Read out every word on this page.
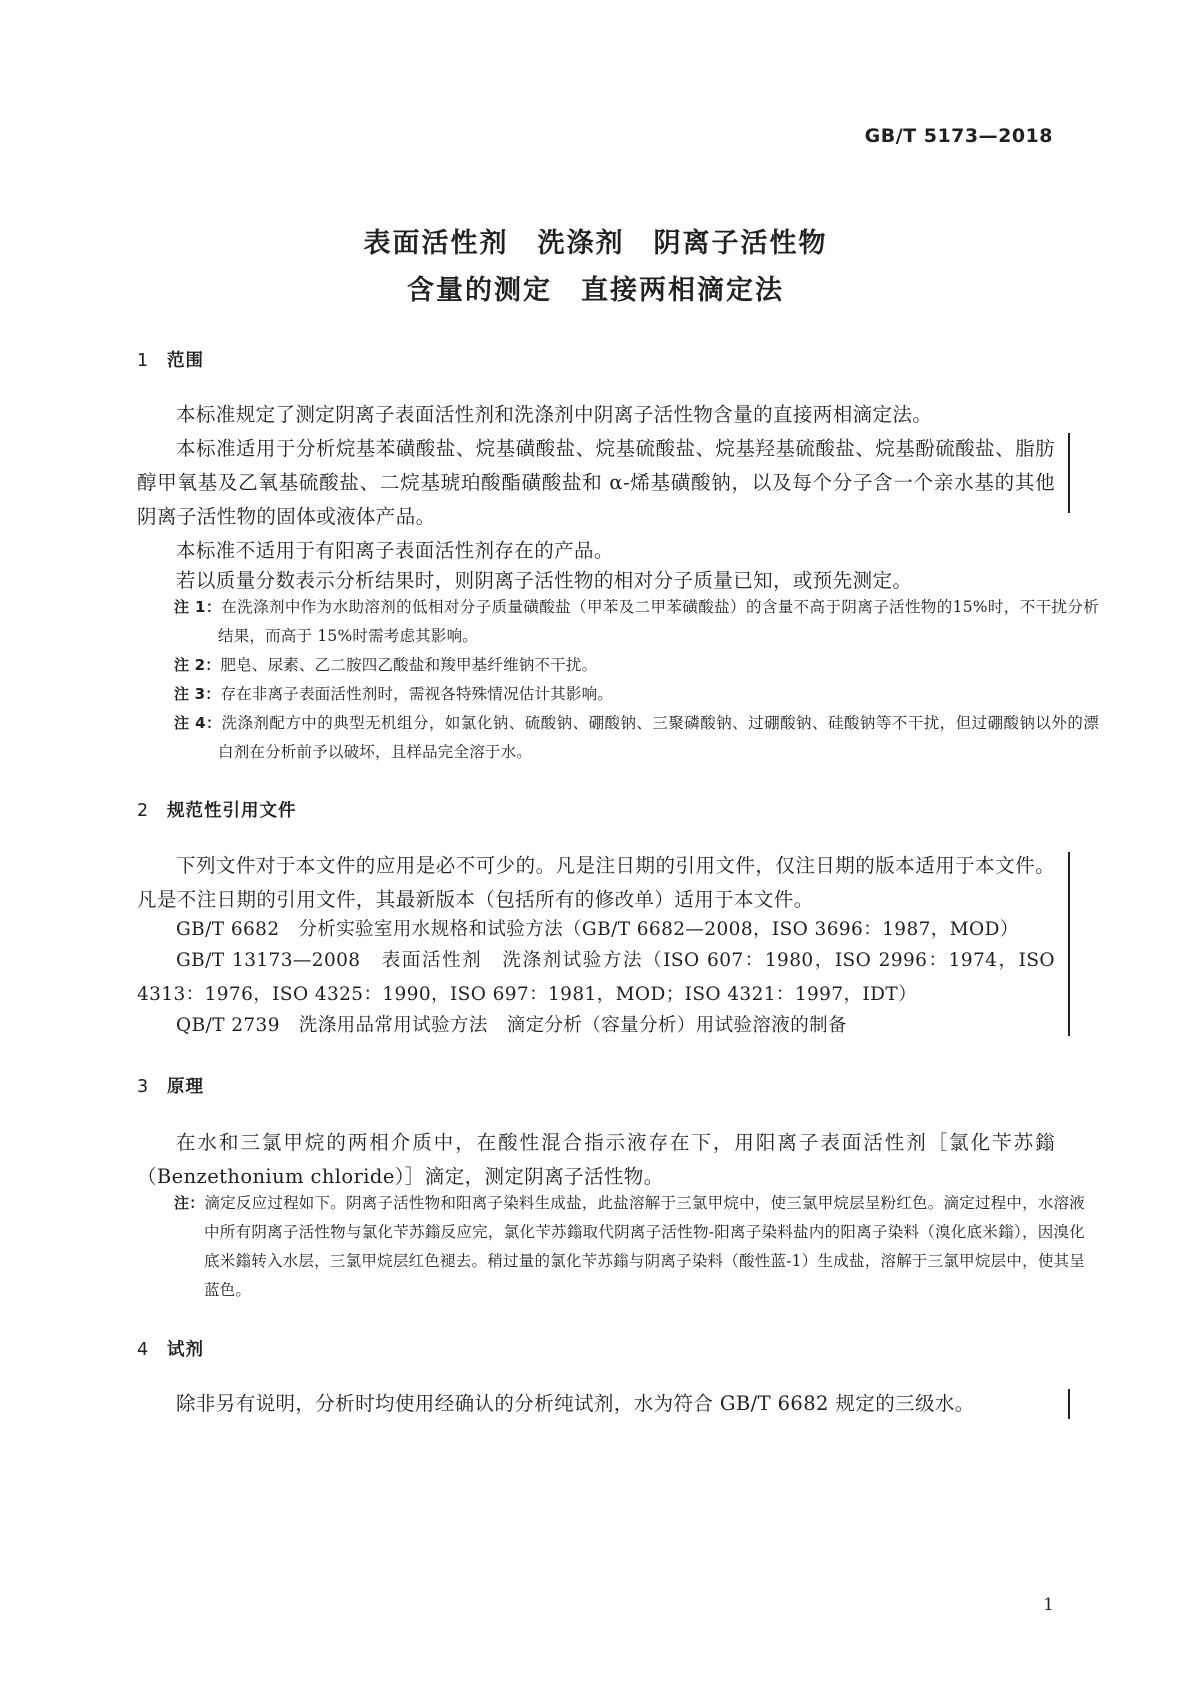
GB/T 5173—2018
表面活性剂　洗涤剂　阴离子活性物
含量的测定　直接两相滴定法
1 范围
本标准规定了测定阴离子表面活性剂和洗涤剂中阴离子活性物含量的直接两相滴定法。
本标准适用于分析烷基苯磺酸盐、烷基磺酸盐、烷基硫酸盐、烷基羟基硫酸盐、烷基酚硫酸盐、脂肪醇甲氧基及乙氧基硫酸盐、二烷基琥珀酸酯磺酸盐和 α-烯基磺酸钠，以及每个分子含一个亲水基的其他阴离子活性物的固体或液体产品。
本标准不适用于有阳离子表面活性剂存在的产品。
若以质量分数表示分析结果时，则阴离子活性物的相对分子质量已知，或预先测定。
注 1：在洗涤剂中作为水助溶剂的低相对分子质量磺酸盐（甲苯及二甲苯磺酸盐）的含量不高于阴离子活性物的15%时，不干扰分析结果，而高于 15%时需考虑其影响。
注 2：肥皂、尿素、乙二胺四乙酸盐和羧甲基纤维钠不干扰。
注 3：存在非离子表面活性剂时，需视各特殊情况估计其影响。
注 4：洗涤剂配方中的典型无机组分，如氯化钠、硫酸钠、硼酸钠、三聚磷酸钠、过硼酸钠、硅酸钠等不干扰，但过硼酸钠以外的漂白剂在分析前予以破坏，且样品完全溶于水。
2 规范性引用文件
下列文件对于本文件的应用是必不可少的。凡是注日期的引用文件，仅注日期的版本适用于本文件。凡是不注日期的引用文件，其最新版本（包括所有的修改单）适用于本文件。
GB/T 6682　分析实验室用水规格和试验方法（GB/T 6682—2008，ISO 3696：1987，MOD）
GB/T 13173—2008　表面活性剂　洗涤剂试验方法（ISO 607：1980，ISO 2996：1974，ISO 4313：1976，ISO 4325：1990，ISO 697：1981，MOD；ISO 4321：1997，IDT）
QB/T 2739　洗涤用品常用试验方法　滴定分析（容量分析）用试验溶液的制备
3 原理
在水和三氯甲烷的两相介质中，在酸性混合指示液存在下，用阳离子表面活性剂［氯化苄苏鎓（Benzethonium chloride）］滴定，测定阴离子活性物。
注：滴定反应过程如下。阴离子活性物和阳离子染料生成盐，此盐溶解于三氯甲烷中，使三氯甲烷层呈粉红色。滴定过程中，水溶液中所有阴离子活性物与氯化苄苏鎓反应完，氯化苄苏鎓取代阴离子活性物-阳离子染料盐内的阳离子染料（溴化底米鎓），因溴化底米鎓转入水层，三氯甲烷层红色褪去。稍过量的氯化苄苏鎓与阴离子染料（酸性蓝-1）生成盐，溶解于三氯甲烷层中，使其呈蓝色。
4 试剂
除非另有说明，分析时均使用经确认的分析纯试剂，水为符合 GB/T 6682 规定的三级水。
1
